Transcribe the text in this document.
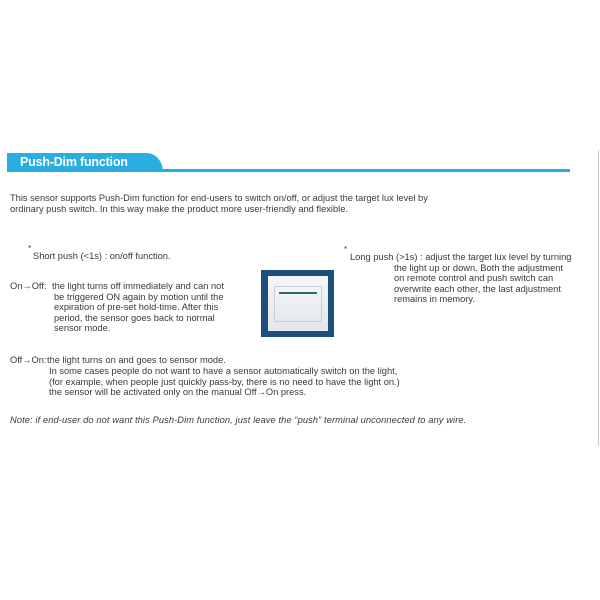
Push-Dim function
This sensor supports Push-Dim function for end-users to switch on/off, or adjust the target lux level by
ordinary push switch. In this way make the product more user-friendly and flexible.
*
Short push (<1s) : on/off function.
On→Off: the light turns off immediately and can not
be triggered ON again by motion until the
expiration of pre-set hold-time. After this
period, the sensor goes back to normal
sensor mode.
*
Long push (>1s) : adjust the target lux level by turning
the light up or down. Both the adjustment
on remote control and push switch can
overwrite each other, the last adjustment
remains in memory.
Off→On: the light turns on and goes to sensor mode.
In some cases people do not want to have a sensor automatically switch on the light,
(for example, when people just quickly pass-by, there is no need to have the light on.)
the sensor will be activated only on the manual Off→On press.
Note: if end-user do not want this Push-Dim function, just leave the “push” terminal unconnected to any wire.
